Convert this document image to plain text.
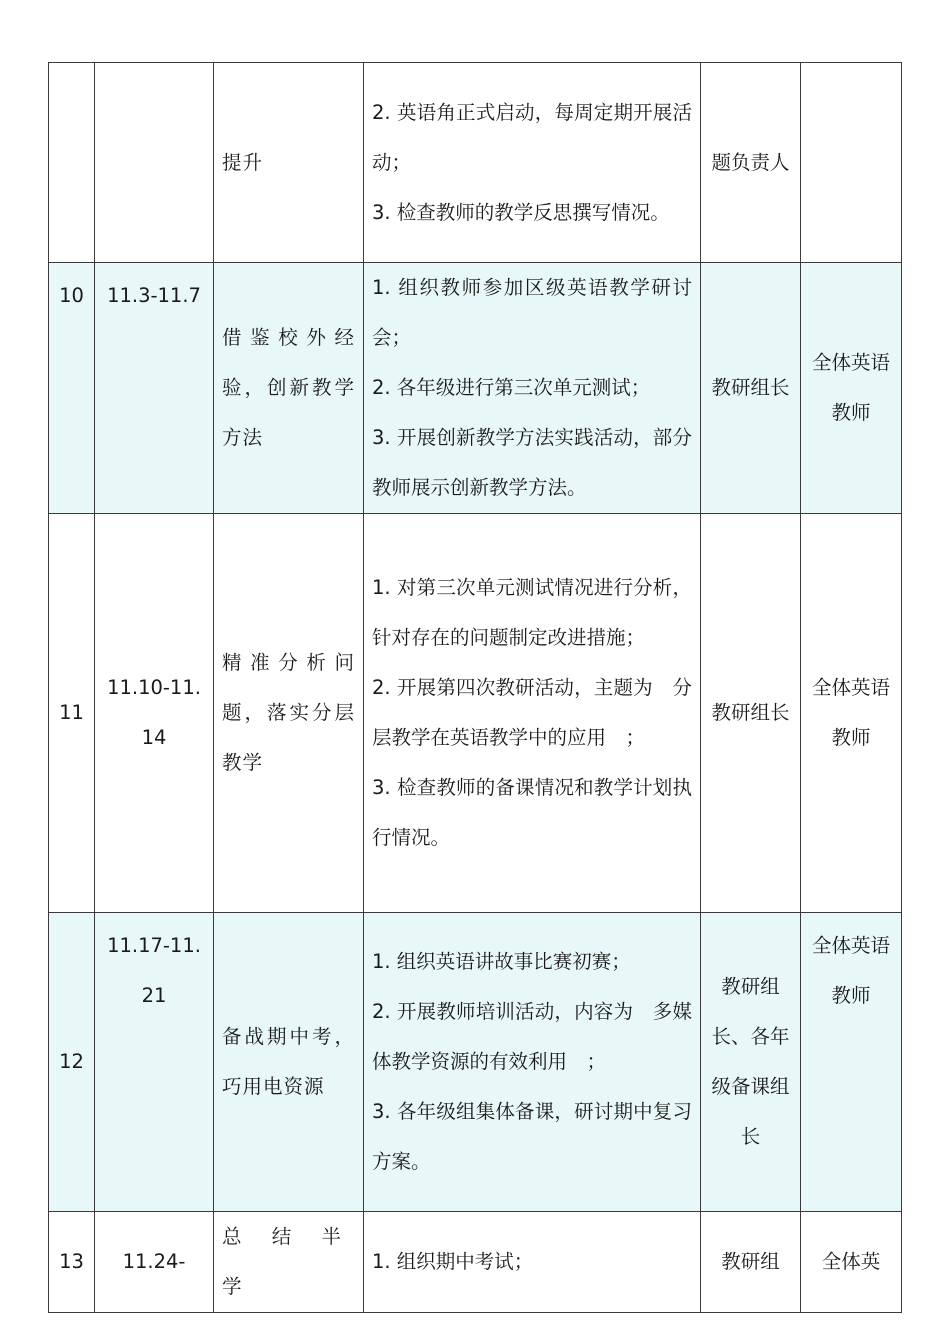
		提升	2. 英语角正式启动，每周定期开展活动；
3. 检查教师的教学反思撰写情况。	题负责人	
10	11.3-11.7	借鉴校外经验，创新教学方法	1. 组织教师参加区级英语教学研讨会；
2. 各年级进行第三次单元测试；
3. 开展创新教学方法实践活动，部分教师展示创新教学方法。	教研组长	全体英语教师
11	11.10-11.14	精准分析问题，落实分层教学	1. 对第三次单元测试情况进行分析，针对存在的问题制定改进措施；
2. 开展第四次教研活动，主题为　分层教学在英语教学中的应用　；
3. 检查教师的备课情况和教学计划执行情况。	教研组长	全体英语教师
12	11.17-11.21	备战期中考，巧用电资源	1. 组织英语讲故事比赛初赛；
2. 开展教师培训活动，内容为　多媒体教学资源的有效利用　；
3. 各年级组集体备课，研讨期中复习方案。	教研组长、各年级备课组长	全体英语教师
13	11.24-	总结半学	1. 组织期中考试；	教研组	全体英
